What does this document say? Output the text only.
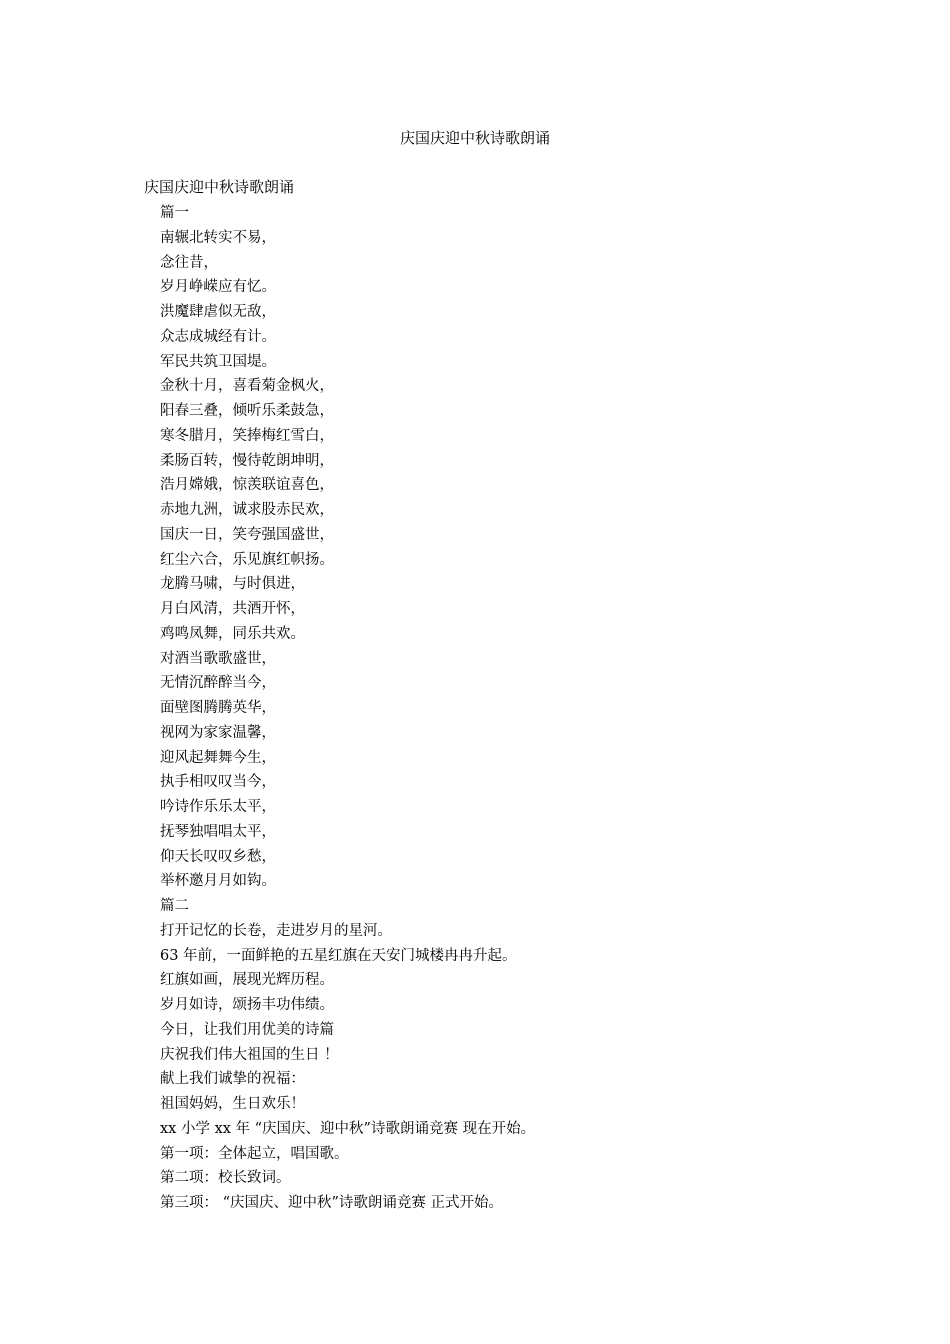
庆国庆迎中秋诗歌朗诵
庆国庆迎中秋诗歌朗诵
篇一
南辗北转实不易，
念往昔，
岁月峥嵘应有忆。
洪魔肆虐似无敌，
众志成城经有计。
军民共筑卫国堤。
金秋十月，喜看菊金枫火，
阳春三叠，倾听乐柔鼓急，
寒冬腊月，笑捧梅红雪白，
柔肠百转，慢待乾朗坤明，
浩月嫦娥，惊羡联谊喜色，
赤地九洲，诚求股赤民欢，
国庆一日，笑夸强国盛世，
红尘六合，乐见旗红帜扬。
龙腾马啸，与时俱进，
月白风清，共酒开怀，
鸡鸣凤舞，同乐共欢。
对酒当歌歌盛世，
无情沉醉醉当今，
面壁图腾腾英华，
视网为家家温馨，
迎风起舞舞今生，
执手相叹叹当今，
吟诗作乐乐太平，
抚琴独唱唱太平，
仰天长叹叹乡愁，
举杯邀月月如钩。
篇二
打开记忆的长卷，走进岁月的星河。
63 年前，一面鲜艳的五星红旗在天安门城楼冉冉升起。
红旗如画，展现光辉历程。
岁月如诗，颂扬丰功伟绩。
今日，让我们用优美的诗篇
庆祝我们伟大祖国的生日 ！
献上我们诚挚的祝福：
祖国妈妈，生日欢乐！
xx 小学 xx 年 “庆国庆、迎中秋”诗歌朗诵竞赛 现在开始。
第一项：全体起立，唱国歌。
第二项：校长致词。
第三项： “庆国庆、迎中秋”诗歌朗诵竞赛 正式开始。
